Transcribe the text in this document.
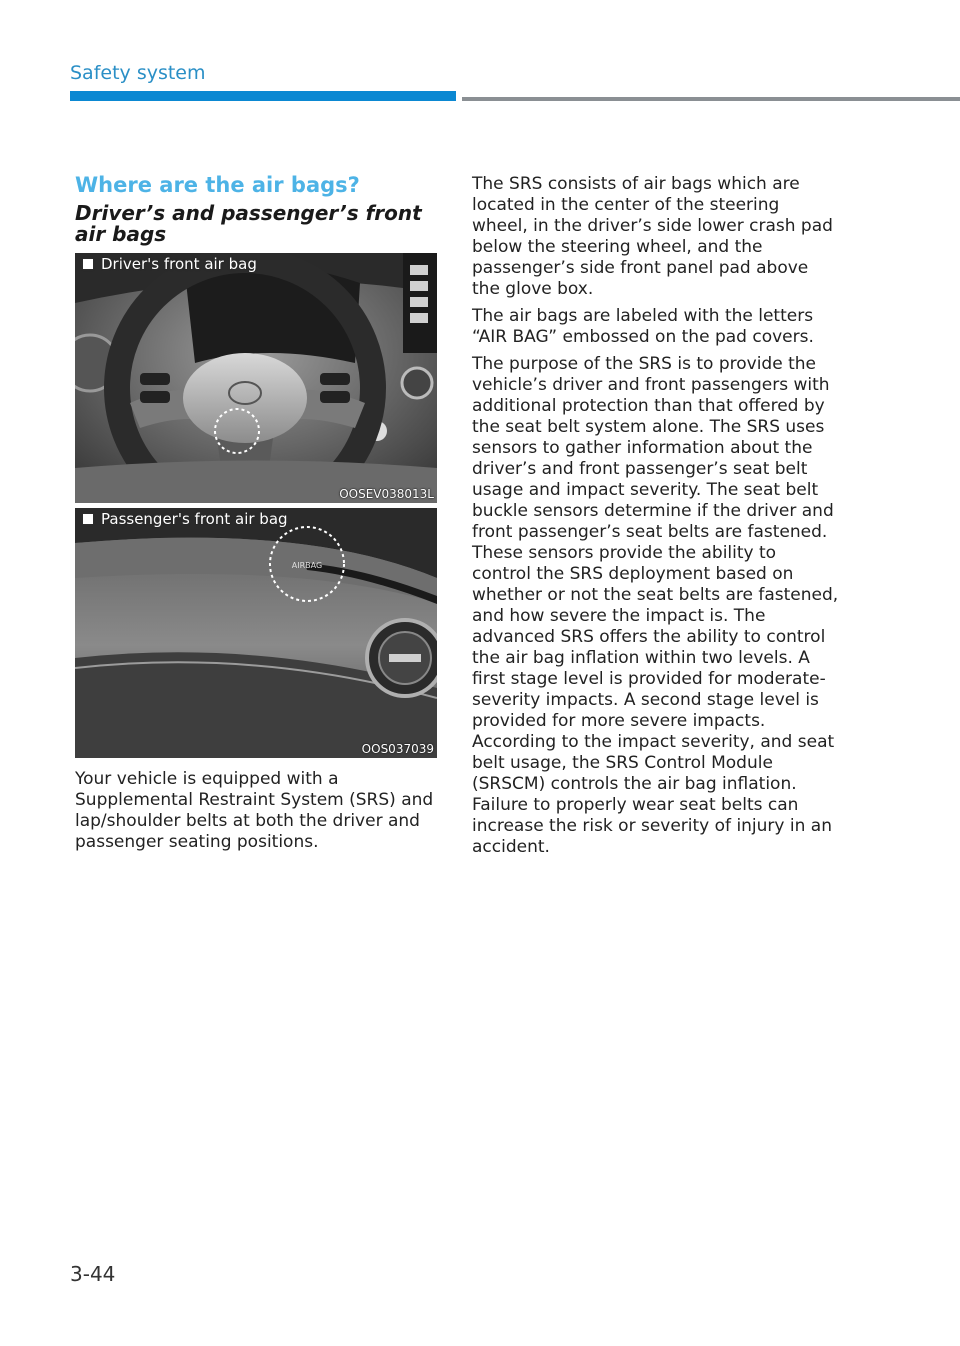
Safety system
Where are the air bags?
Driver’s and passenger’s front air bags
Driver's front air bag
OOSEV038013L
AIRBAG
Passenger's front air bag
OOS037039

Your vehicle is equipped with a Supplemental Restraint System (SRS) and lap/shoulder belts at both the driver and passenger seating positions.

The SRS consists of air bags which are located in the center of the steering wheel, in the driver’s side lower crash pad below the steering wheel, and the passenger’s side front panel pad above the glove box.

The air bags are labeled with the letters “AIR BAG” embossed on the pad covers.

The purpose of the SRS is to provide the vehicle’s driver and front passengers with additional protection than that offered by the seat belt system alone. The SRS uses sensors to gather information about the driver’s and front passenger’s seat belt usage and impact severity. The seat belt buckle sensors determine if the driver and front passenger’s seat belts are fastened. These sensors provide the ability to control the SRS deployment based on whether or not the seat belts are fastened, and how severe the impact is. The advanced SRS offers the ability to control the air bag inflation within two levels. A first stage level is provided for moderate-severity impacts. A second stage level is provided for more severe impacts. According to the impact severity, and seat belt usage, the SRS Control Module (SRSCM) controls the air bag inflation. Failure to properly wear seat belts can increase the risk or severity of injury in an accident.

3-44
